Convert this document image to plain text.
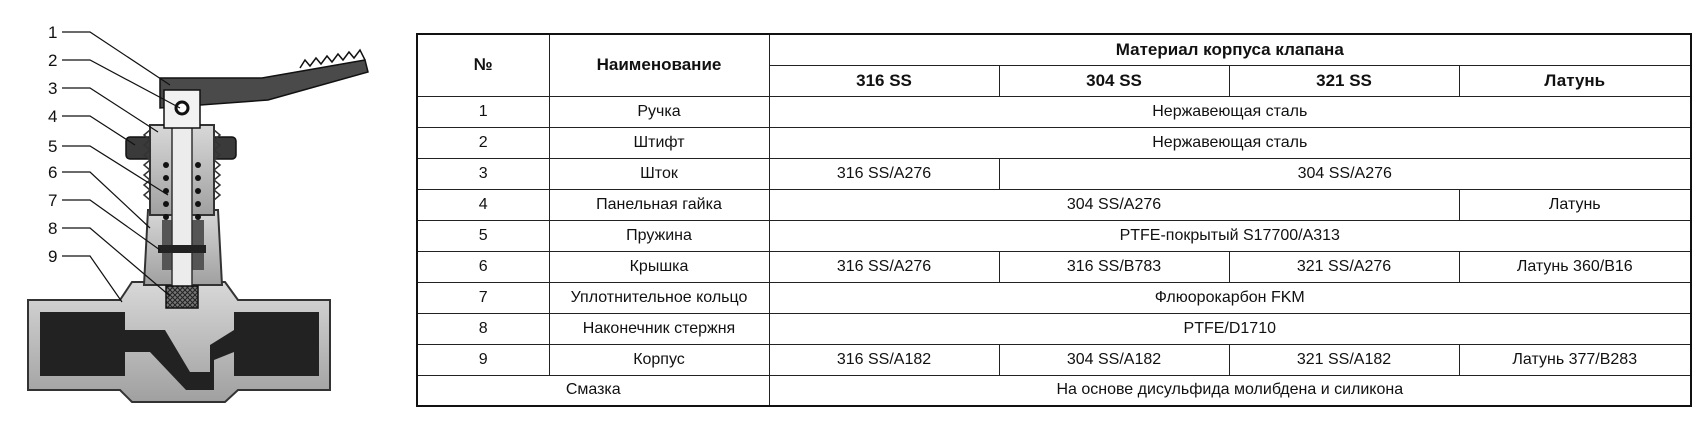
1
2
3
4
5
6
7
8
9
№	Наименование	Материал корпуса клапана			
		316 SS	304 SS	321 SS	Латунь
1	Ручка	Нержавеющая сталь			
2	Штифт	Нержавеющая сталь			
3	Шток	316 SS/A276	304 SS/A276		
4	Панельная гайка	304 SS/A276			Латунь
5	Пружина	PTFE-покрытый S17700/A313			
6	Крышка	316 SS/A276	316 SS/B783	321 SS/A276	Латунь 360/B16
7	Уплотнительное кольцо	Флюорокарбон FKM			
8	Наконечник стержня	PTFE/D1710			
9	Корпус	316 SS/A182	304 SS/A182	321 SS/A182	Латунь 377/B283
Смазка		На основе дисульфида молибдена и силикона			
